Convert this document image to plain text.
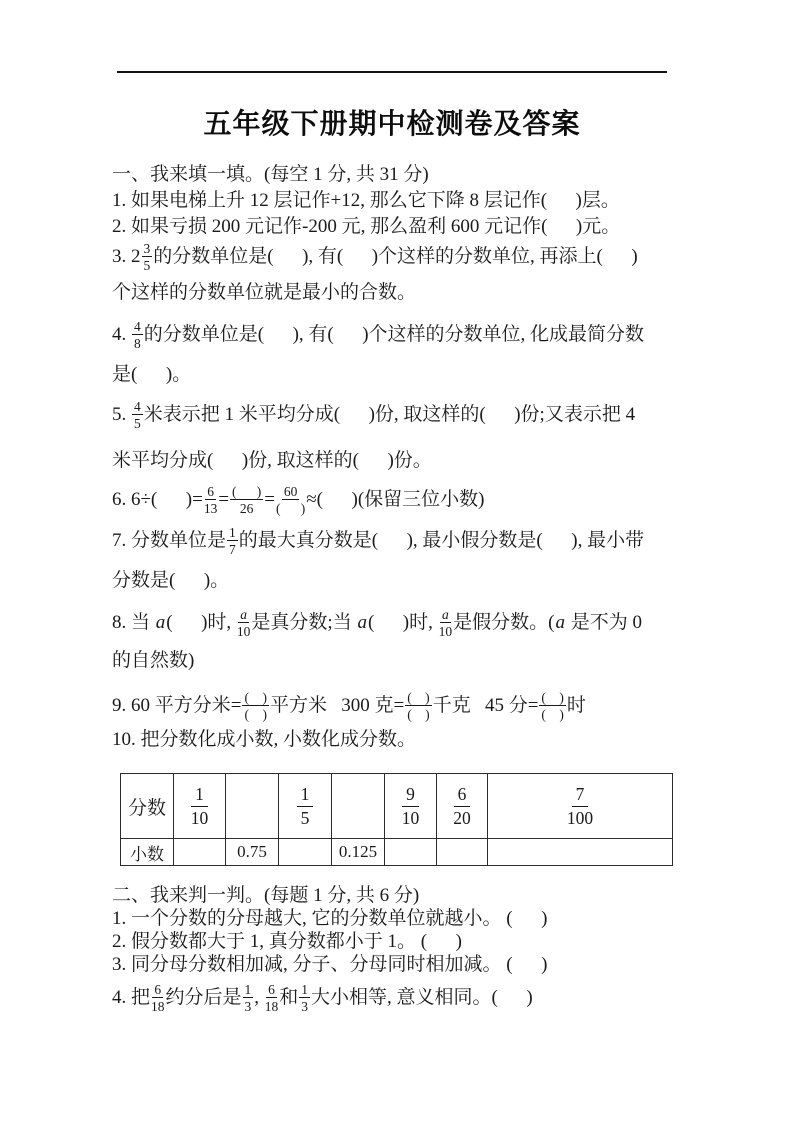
五年级下册期中检测卷及答案
一、我来填一填。(每空 1 分, 共 31 分)
1. 如果电梯上升 12 层记作+12, 那么它下降 8 层记作(      )层。
2. 如果亏损 200 元记作-200 元, 那么盈利 600 元记作(      )元。
3. 2 3
5 的分数单位是(      ), 有(      )个这样的分数单位, 再添上(      )
个这样的分数单位就是最小的合数。
4. 4
8 的分数单位是(      ), 有(      )个这样的分数单位, 化成最简分数
是(      )。
5. 4
5 米表示把 1 米平均分成(      )份, 取这样的(      )份;又表示把 4
米平均分成(      )份, 取这样的(      )份。
6. 6÷(      )= $\frac{6}{13}$ = (      )
26 = 60
(      ) ≈(      )(保留三位小数)
7. 分数单位是 1
7 的最大真分数是(      ), 最小假分数是(      ), 最小带
分数是(      )。
8. 当 a (      )时, a
10 是真分数;当 a (      )时, a
10 是假分数。( a 是不为 0
的自然数)
9. 60 平方分米= (    )
(    ) 平方米   300 克= (    )
(    ) 千克   45 分= (    )
(    ) 时
10. 把分数化成小数, 小数化成分数。
分数	$\frac{1}{10}$		$\frac{1}{5}$		$\frac{9}{10}$	$\frac{6}{20}$	$\frac{7}{100}$

小数		0.75		0.125			
二、我来判一判。(每题 1 分, 共 6 分)
1. 一个分数的分母越大, 它的分数单位就越小。 (      )
2. 假分数都大于 1, 真分数都小于 1。 (      )
3. 同分母分数相加减, 分子、分母同时相加减。 (      )
4. 把 6
18 约分后是 1
3 , 6
18 和 1
3 大小相等, 意义相同。(      )
